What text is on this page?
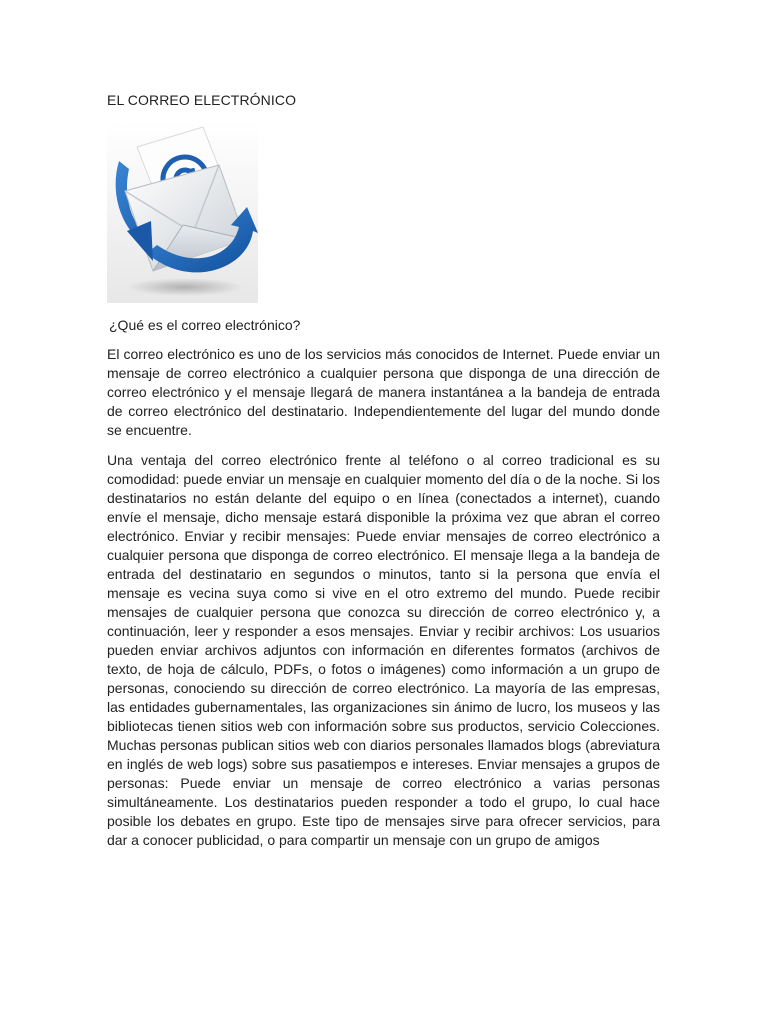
EL CORREO ELECTRÓNICO
¿Qué es el correo electrónico?

El correo electrónico es uno de los servicios más conocidos de Internet. Puede enviar un mensaje de correo electrónico a cualquier persona que disponga de una dirección de correo electrónico y el mensaje llegará de manera instantánea a la bandeja de entrada de correo electrónico del destinatario. Independientemente del lugar del mundo donde se encuentre.

Una ventaja del correo electrónico frente al teléfono o al correo tradicional es su comodidad: puede enviar un mensaje en cualquier momento del día o de la noche. Si los destinatarios no están delante del equipo o en línea (conectados a internet), cuando envíe el mensaje, dicho mensaje estará disponible la próxima vez que abran el correo electrónico. Enviar y recibir mensajes: Puede enviar mensajes de correo electrónico a cualquier persona que disponga de correo electrónico. El mensaje llega a la bandeja de entrada del destinatario en segundos o minutos, tanto si la persona que envía el mensaje es vecina suya como si vive en el otro extremo del mundo. Puede recibir mensajes de cualquier persona que conozca su dirección de correo electrónico y, a continuación, leer y responder a esos mensajes. Enviar y recibir archivos: Los usuarios pueden enviar archivos adjuntos con información en diferentes formatos (archivos de texto, de hoja de cálculo, PDFs, o fotos o imágenes) como información a un grupo de personas, conociendo su dirección de correo electrónico. La mayoría de las empresas, las entidades gubernamentales, las organizaciones sin ánimo de lucro, los museos y las bibliotecas tienen sitios web con información sobre sus productos, servicio Colecciones. Muchas personas publican sitios web con diarios personales llamados blogs (abreviatura en inglés de web logs) sobre sus pasatiempos e intereses. Enviar mensajes a grupos de personas: Puede enviar un mensaje de correo electrónico a varias personas simultáneamente. Los destinatarios pueden responder a todo el grupo, lo cual hace posible los debates en grupo. Este tipo de mensajes sirve para ofrecer servicios, para dar a conocer publicidad, o para compartir un mensaje con un grupo de amigos
